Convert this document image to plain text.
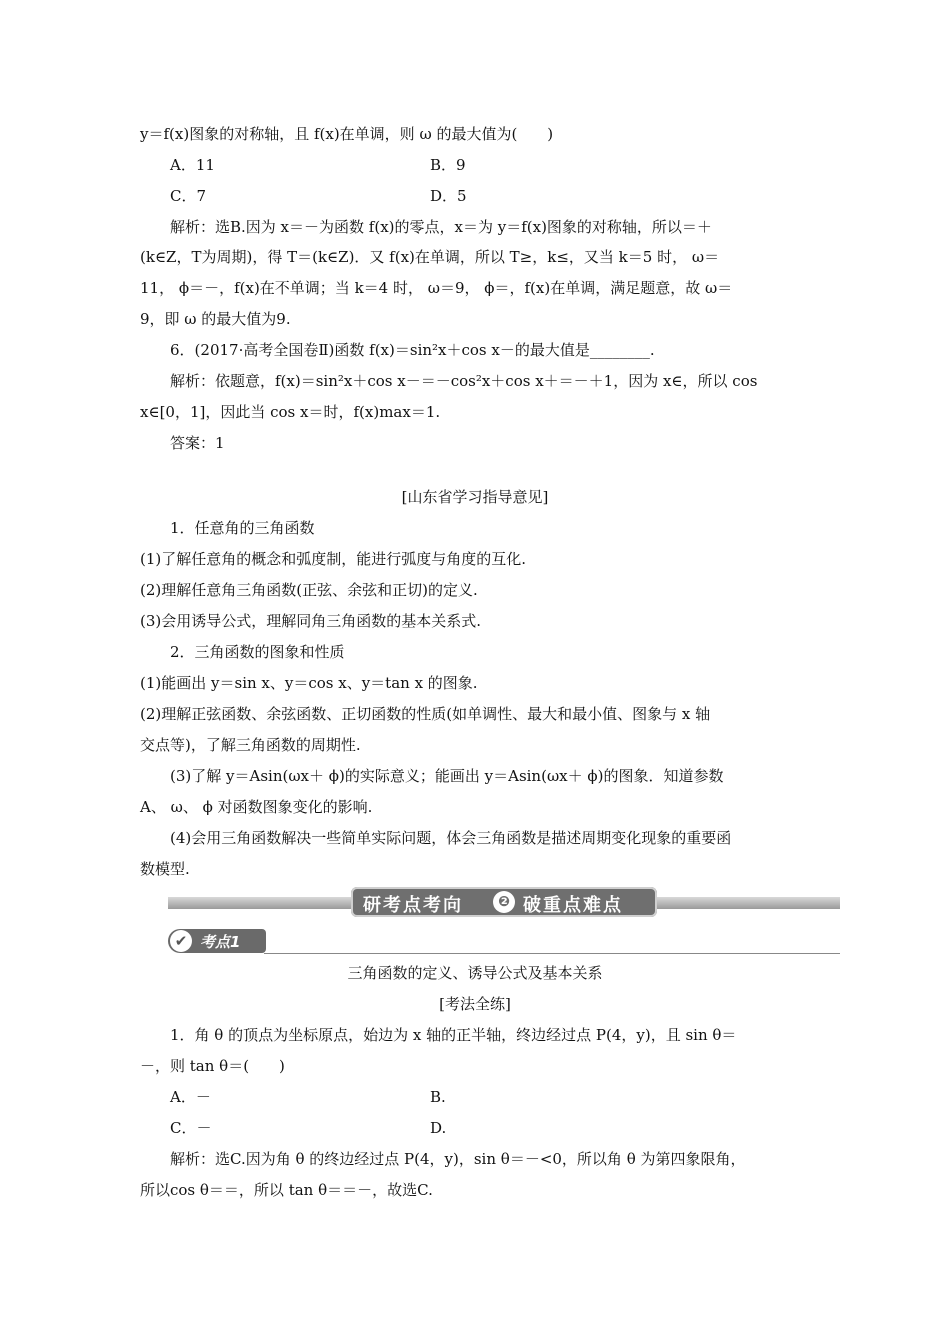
y＝f(x)图象的对称轴，且 f(x)在单调，则 ω 的最大值为(　　)
A．11	B．9
C．7	D．5
解析：选B.因为 x＝－为函数 f(x)的零点，x＝为 y＝f(x)图象的对称轴，所以＝＋
(k∈Z，T为周期)，得 T＝(k∈Z)．又 f(x)在单调，所以 T≥，k≤，又当 k＝5 时， ω＝
11， ϕ＝－，f(x)在不单调；当 k＝4 时， ω＝9， ϕ＝，f(x)在单调，满足题意，故 ω＝
9，即 ω 的最大值为9.
6．(2017·高考全国卷Ⅱ)函数 f(x)＝sin²x＋cos x－的最大值是________.
解析：依题意，f(x)＝sin²x＋cos x－＝－cos²x＋cos x＋＝－＋1，因为 x∈，所以 cos
x∈[0，1]，因此当 cos x＝时，f(x)max＝1.
答案：1
[山东省学习指导意见]
1．任意角的三角函数
(1)了解任意角的概念和弧度制，能进行弧度与角度的互化.
(2)理解任意角三角函数(正弦、余弦和正切)的定义.
(3)会用诱导公式，理解同角三角函数的基本关系式.
2．三角函数的图象和性质
(1)能画出 y＝sin x、y＝cos x、y＝tan x 的图象.
(2)理解正弦函数、余弦函数、正切函数的性质(如单调性、最大和最小值、图象与 x 轴
交点等)，了解三角函数的周期性.
(3)了解 y＝Asin(ωx＋ ϕ)的实际意义；能画出 y＝Asin(ωx＋ ϕ)的图象．知道参数
A、 ω、 ϕ 对函数图象变化的影响.
(4)会用三角函数解决一些简单实际问题，体会三角函数是描述周期变化现象的重要函
数模型.
研考点考向	❷ 破重点难点
✔ 考点1
三角函数的定义、诱导公式及基本关系
[考法全练]
1．角 θ 的顶点为坐标原点，始边为 x 轴的正半轴，终边经过点 P(4，y)，且 sin θ＝
－，则 tan θ＝(　　)
A．－	B.
C．－	D.
解析：选C.因为角 θ 的终边经过点 P(4，y)，sin θ＝－<0，所以角 θ 为第四象限角，
所以cos θ＝＝，所以 tan θ＝＝－，故选C.
